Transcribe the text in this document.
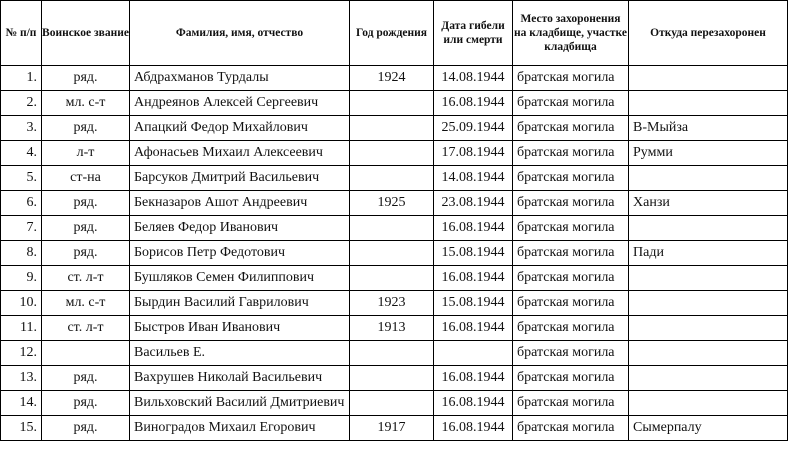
№ п/п	Воинское звание	Фамилия, имя, отчество	Год рождения	Дата гибели или смерти	Место захоронения на кладбище, участке кладбища	Откуда перезахоронен
1.	ряд.	Абдрахманов Турдалы	1924	14.08.1944	братская могила	
2.	мл. с-т	Андреянов Алексей Сергеевич		16.08.1944	братская могила	
3.	ряд.	Апацкий Федор Михайлович		25.09.1944	братская могила	В-Мыйза
4.	л-т	Афонасьев Михаил Алексеевич		17.08.1944	братская могила	Румми
5.	ст-на	Барсуков Дмитрий Васильевич		14.08.1944	братская могила	
6.	ряд.	Бекназаров Ашот Андреевич	1925	23.08.1944	братская могила	Ханзи
7.	ряд.	Беляев Федор Иванович		16.08.1944	братская могила	
8.	ряд.	Борисов Петр Федотович		15.08.1944	братская могила	Пади
9.	ст. л-т	Бушляков Семен Филиппович		16.08.1944	братская могила	
10.	мл. с-т	Бырдин Василий Гаврилович	1923	15.08.1944	братская могила	
11.	ст. л-т	Быстров Иван Иванович	1913	16.08.1944	братская могила	
12.		Васильев Е.			братская могила	
13.	ряд.	Вахрушев Николай Васильевич		16.08.1944	братская могила	
14.	ряд.	Вильховский Василий Дмитриевич		16.08.1944	братская могила	
15.	ряд.	Виноградов Михаил Егорович	1917	16.08.1944	братская могила	Сымерпалу
